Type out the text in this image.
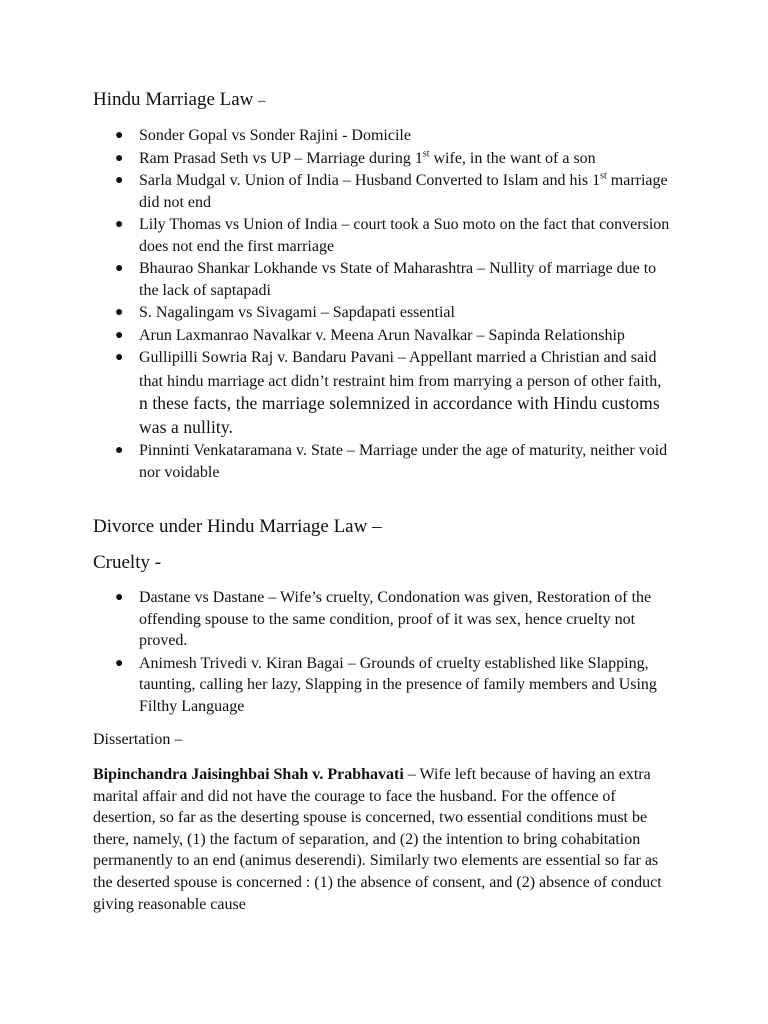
Hindu Marriage Law –
● Sonder Gopal vs Sonder Rajini - Domicile
● Ram Prasad Seth vs UP – Marriage during 1st wife, in the want of a son
● Sarla Mudgal v. Union of India – Husband Converted to Islam and his 1st marriage did not end
● Lily Thomas vs Union of India – court took a Suo moto on the fact that conversion does not end the first marriage
● Bhaurao Shankar Lokhande vs State of Maharashtra – Nullity of marriage due to the lack of saptapadi
● S. Nagalingam vs Sivagami – Sapdapati essential
● Arun Laxmanrao Navalkar v. Meena Arun Navalkar – Sapinda Relationship
● Gullipilli Sowria Raj v. Bandaru Pavani – Appellant married a Christian and said that hindu marriage act didn’t restraint him from marrying a person of other faith, n these facts, the marriage solemnized in accordance with Hindu customs was a nullity.
● Pinninti Venkataramana v. State – Marriage under the age of maturity, neither void nor voidable
Divorce under Hindu Marriage Law –
Cruelty -
● Dastane vs Dastane – Wife’s cruelty, Condonation was given, Restoration of the offending spouse to the same condition, proof of it was sex, hence cruelty not proved.
● Animesh Trivedi v. Kiran Bagai – Grounds of cruelty established like Slapping, taunting, calling her lazy, Slapping in the presence of family members and Using Filthy Language
Dissertation –

Bipinchandra Jaisinghbai Shah v. Prabhavati – Wife left because of having an extra marital affair and did not have the courage to face the husband. For the offence of desertion, so far as the deserting spouse is concerned, two essential conditions must be there, namely, (1) the factum of separation, and (2) the intention to bring cohabitation permanently to an end (animus deserendi). Similarly two elements are essential so far as the deserted spouse is concerned : (1) the absence of consent, and (2) absence of conduct giving reasonable cause
